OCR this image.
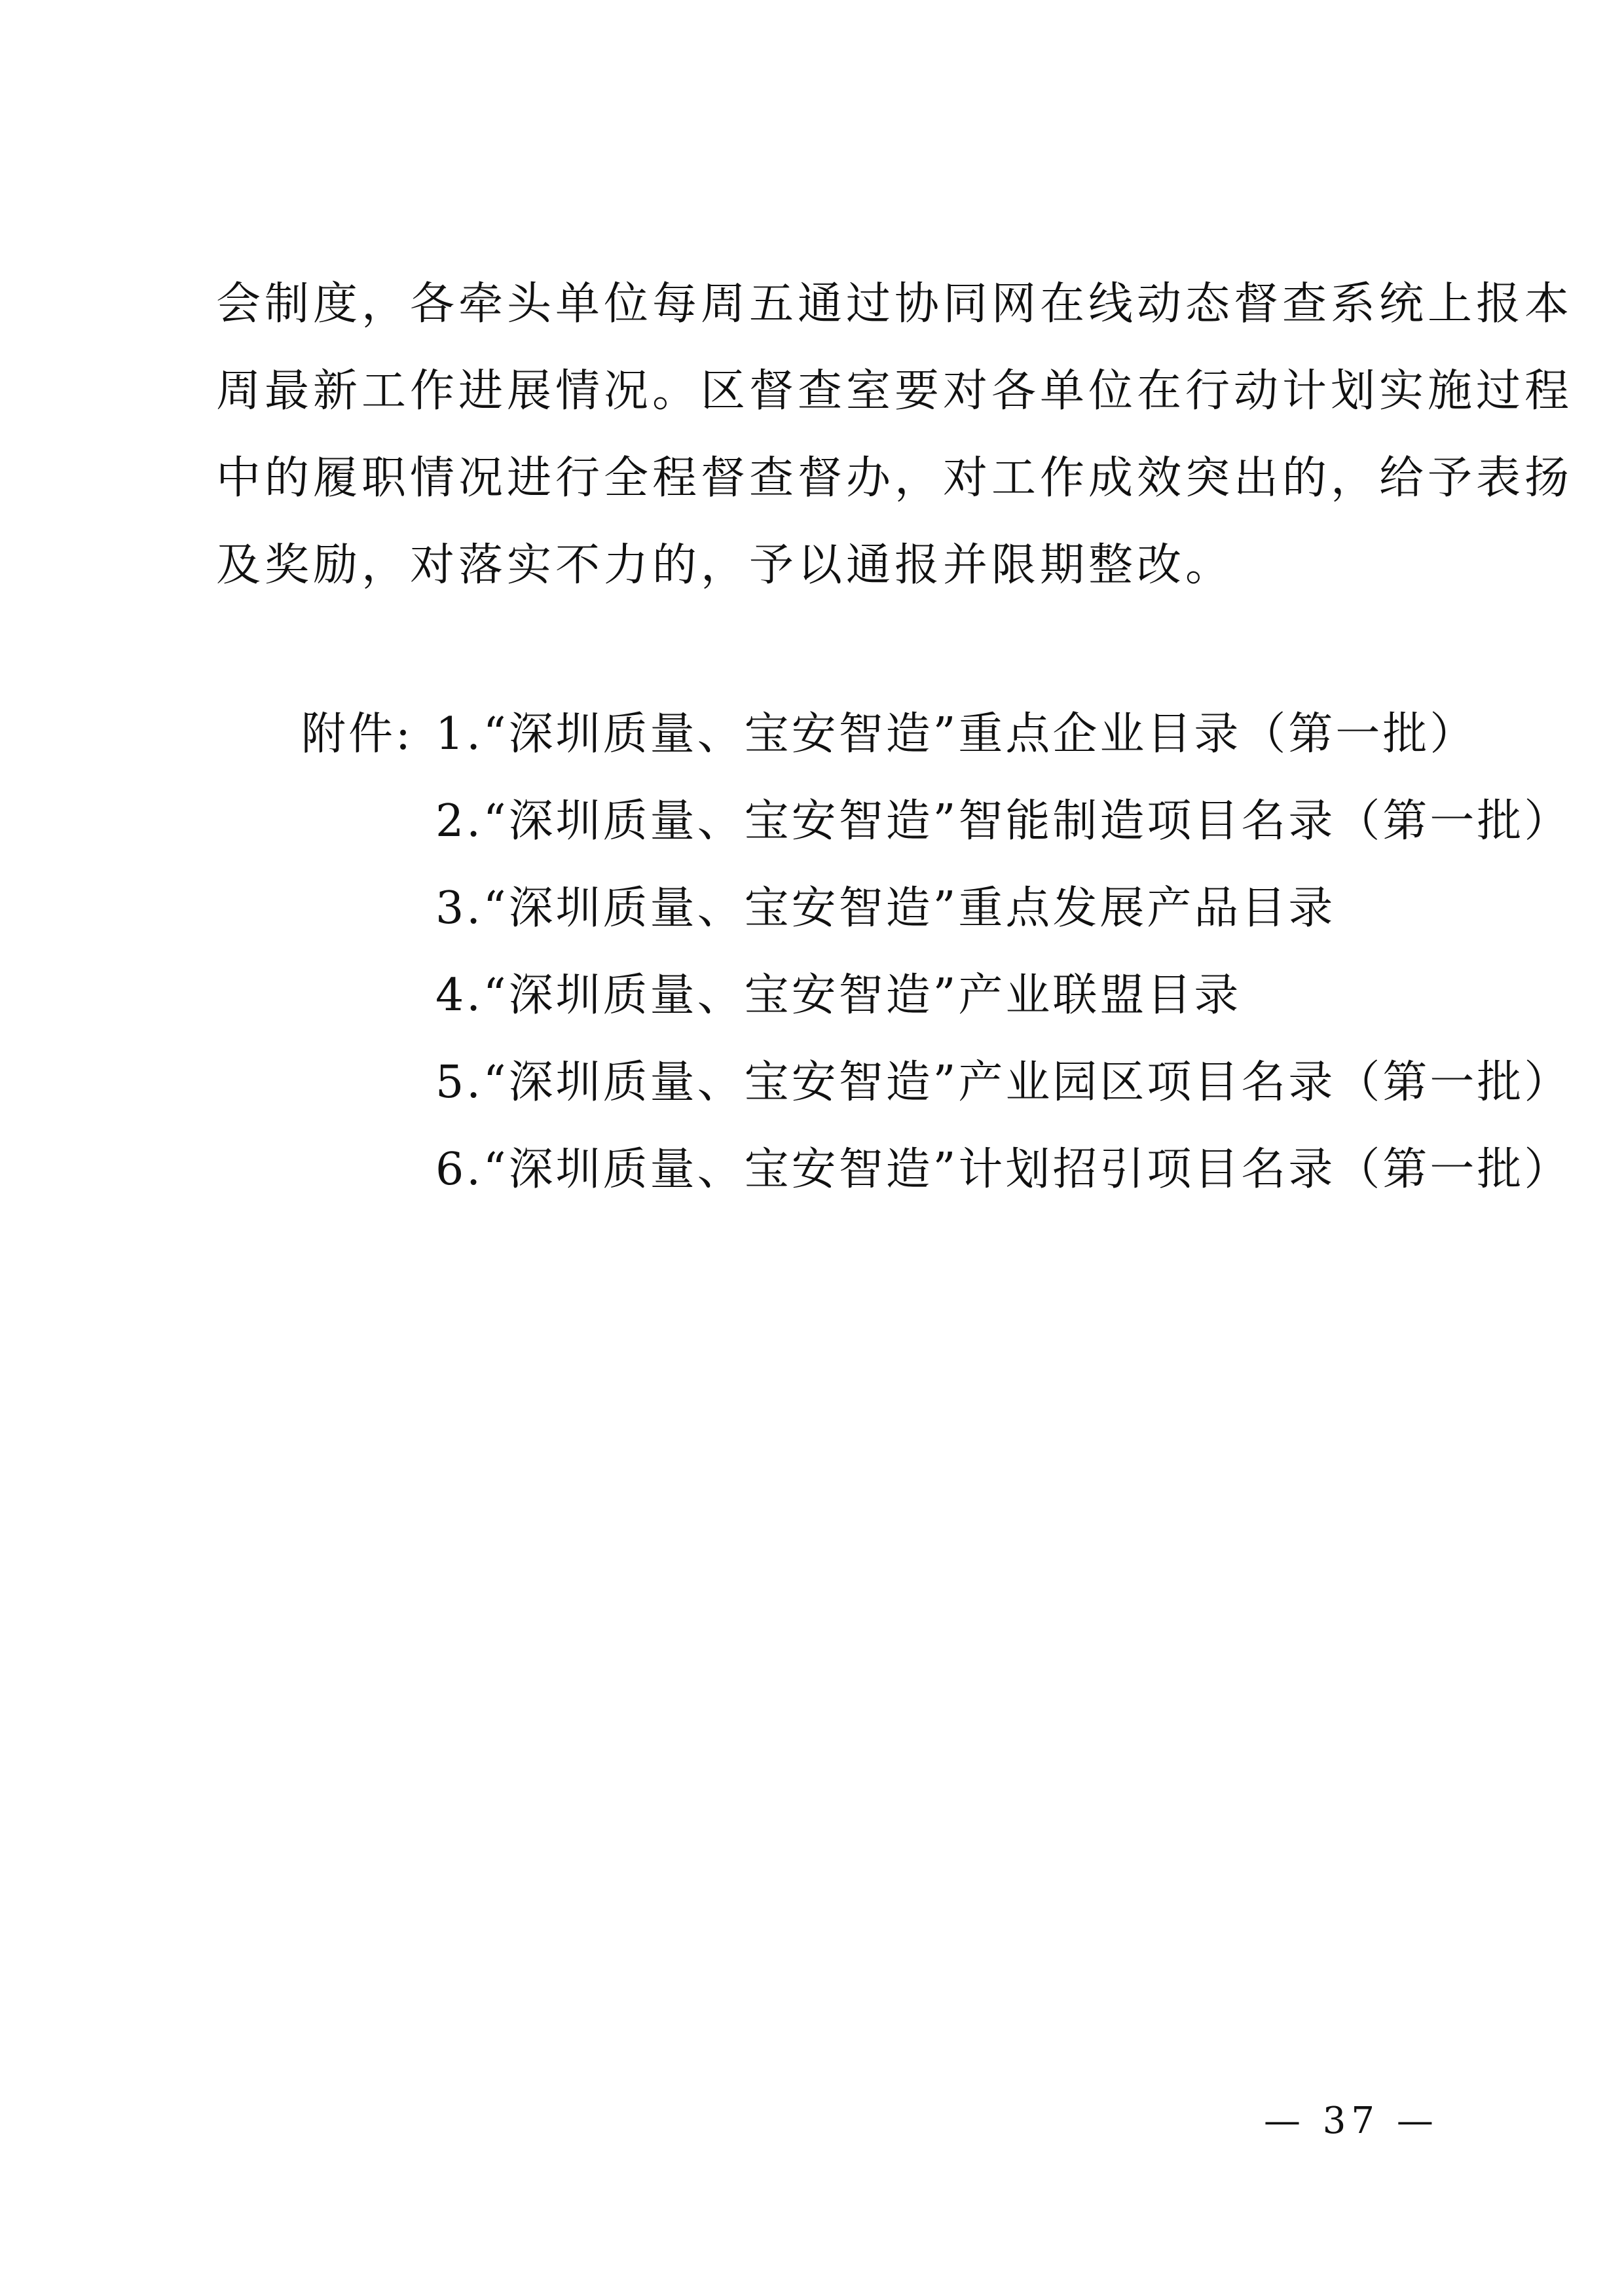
会制度，各牵头单位每周五通过协同网在线动态督查系统上报本
周最新工作进展情况。区督查室要对各单位在行动计划实施过程
中的履职情况进行全程督查督办，对工作成效突出的，给予表扬
及奖励，对落实不力的，予以通报并限期整改。
附件: 1.“深圳质量、宝安智造”重点企业目录（第一批）
2.“深圳质量、宝安智造”智能制造项目名录（第一批）
3.“深圳质量、宝安智造”重点发展产品目录
4.“深圳质量、宝安智造”产业联盟目录
5.“深圳质量、宝安智造”产业园区项目名录（第一批）
6.“深圳质量、宝安智造”计划招引项目名录（第一批）
— 37 —
